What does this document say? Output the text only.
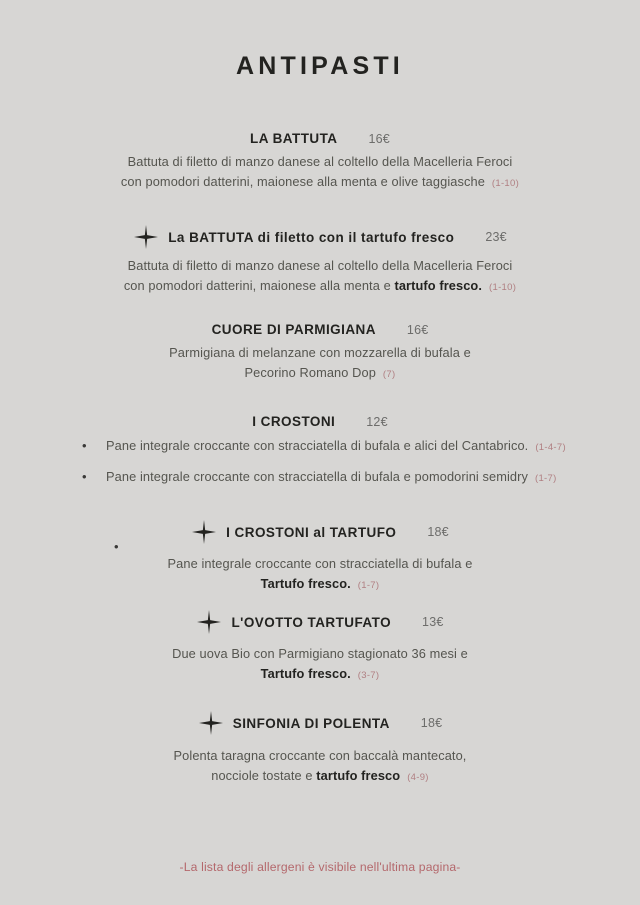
ANTIPASTI
LA BATTUTA 16€
Battuta di filetto di manzo danese al coltello della Macelleria Feroci
con pomodori datterini, maionese alla menta e olive taggiasche (1-10)
La BATTUTA di filetto con il tartufo fresco 23€
Battuta di filetto di manzo danese al coltello della Macelleria Feroci
con pomodori datterini, maionese alla menta e tartufo fresco. (1-10)
CUORE DI PARMIGIANA 16€
Parmigiana di melanzane con mozzarella di bufala e
Pecorino Romano Dop (7)
I CROSTONI 12€
•	Pane integrale croccante con stracciatella di bufala e alici del Cantabrico. (1-4-7)
•	Pane integrale croccante con stracciatella di bufala e pomodorini semidry (1-7)
•
I CROSTONI al TARTUFO 18€
Pane integrale croccante con stracciatella di bufala e
Tartufo fresco. (1-7)
L'OVOTTO TARTUFATO 13€
Due uova Bio con Parmigiano stagionato 36 mesi e
Tartufo fresco. (3-7)
SINFONIA DI POLENTA 18€
Polenta taragna croccante con baccalà mantecato,
nocciole tostate e tartufo fresco (4-9)
-La lista degli allergeni è visibile nell'ultima pagina-
